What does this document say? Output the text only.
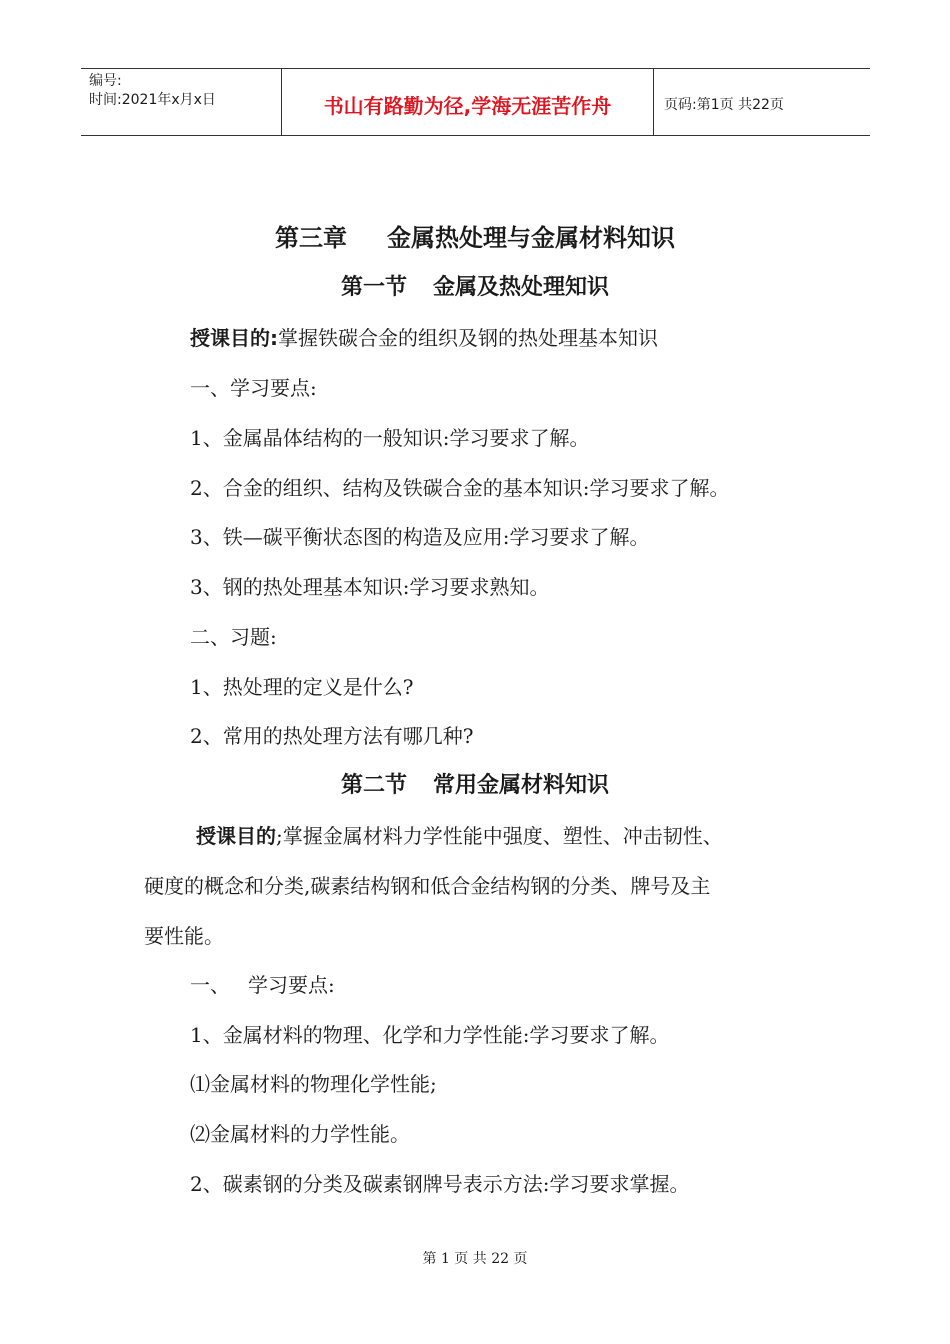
编号:
时间:2021年x月x日	书山有路勤为径,学海无涯苦作舟	页码:第1页 共22页
第三章 金属热处理与金属材料知识
第一节 金属及热处理知识
授课目的:掌握铁碳合金的组织及钢的热处理基本知识
一、学习要点:
1、金属晶体结构的一般知识:学习要求了解。
2、合金的组织、结构及铁碳合金的基本知识:学习要求了解。
3、铁—碳平衡状态图的构造及应用:学习要求了解。
3、钢的热处理基本知识:学习要求熟知。
二、习题:
1、热处理的定义是什么?
2、常用的热处理方法有哪几种?
第二节 常用金属材料知识
授课目的;掌握金属材料力学性能中强度、塑性、冲击韧性、
硬度的概念和分类,碳素结构钢和低合金结构钢的分类、牌号及主
要性能。
一、 学习要点:
1、金属材料的物理、化学和力学性能:学习要求了解。
⑴金属材料的物理化学性能;
⑵金属材料的力学性能。
2、碳素钢的分类及碳素钢牌号表示方法:学习要求掌握。
第 1 页 共 22 页
